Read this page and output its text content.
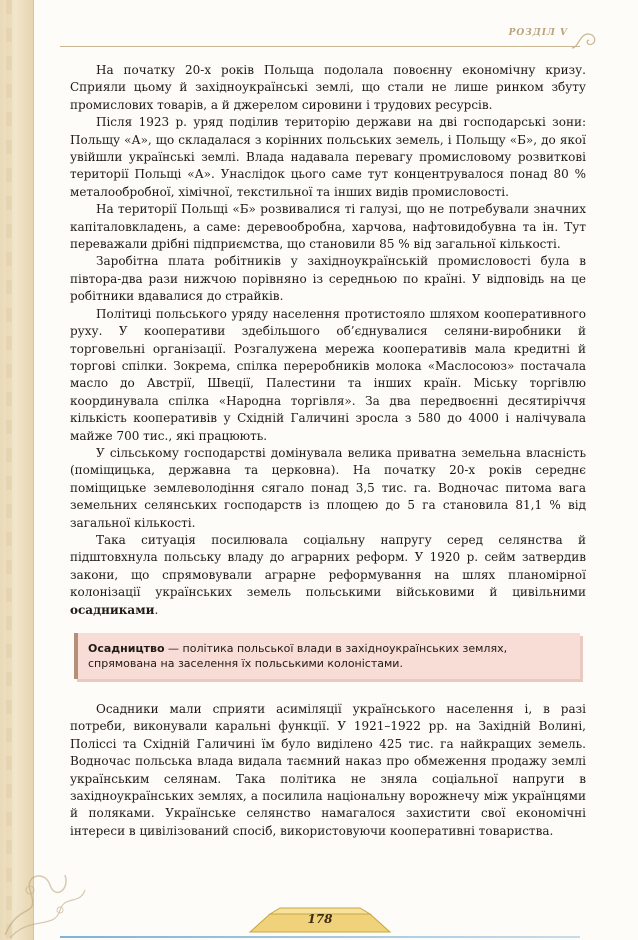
РОЗДІЛ V

На початку 20-х років Польща подолала повоєнну економічну кризу. Сприяли цьому й західноукраїнські землі, що стали не лише ринком збуту промислових товарів, а й джерелом сировини і трудових ресурсів.

Після 1923 р. уряд поділив територію держави на дві господарські зони: Польщу «А», що складалася з корінних польських земель, і Польщу «Б», до якої увійшли українські землі. Влада надавала перевагу промисловому розвиткові території Польщі «А». Унаслідок цього саме тут концентрувалося понад 80 % металообробної, хімічної, текстильної та інших видів промисловості.

На території Польщі «Б» розвивалися ті галузі, що не потребували значних капіталовкладень, а саме: деревообробна, харчова, нафтовидобувна та ін. Тут переважали дрібні підприємства, що становили 85 % від загальної кількості.

Заробітна плата робітників у західноукраїнській промисловості була в півтора-два рази нижчою порівняно із середньою по країні. У відповідь на це робітники вдавалися до страйків.

Політиці польського уряду населення протистояло шляхом кооперативного руху. У кооперативи здебільшого об’єднувалися селяни-виробники й торговельні організації. Розгалужена мережа кооперативів мала кредитні й торгові спілки. Зокрема, спілка переробників молока «Маслосоюз» постачала масло до Австрії, Швеції, Палестини та інших країн. Міську торгівлю координувала спілка «Народна торгівля». За два передвоєнні десятиріччя кількість кооперативів у Східній Галичині зросла з 580 до 4000 і налічувала майже 700 тис., які працюють.

У сільському господарстві домінувала велика приватна земельна власність (поміщицька, державна та церковна). На початку 20-х років середнє поміщицьке землеволодіння сягало понад 3,5 тис. га. Водночас питома вага земельних селянських господарств із площею до 5 га становила 81,1 % від загальної кількості.

Така ситуація посилювала соціальну напругу серед селянства й підштовхнула польську владу до аграрних реформ. У 1920 р. сейм затвердив закони, що спрямовували аграрне реформування на шлях планомірної колонізації українських земель польськими військовими й цивільними осадниками.

Осадництво — політика польської влади в західноукраїнських землях, спрямована на заселення їх польськими колоністами.

Осадники мали сприяти асиміляції українського населення і, в разі потреби, виконували каральні функції. У 1921–1922 рр. на Західній Волині, Поліссі та Східній Галичині їм було виділено 425 тис. га найкращих земель. Водночас польська влада видала таємний наказ про обмеження продажу землі українським селянам. Така політика не зняла соціальної напруги в західноукраїнських землях, а посилила національну ворожнечу між українцями й поляками. Українське селянство намагалося захистити свої економічні інтереси в цивілізований спосіб, використовуючи кооперативні товариства.

178
